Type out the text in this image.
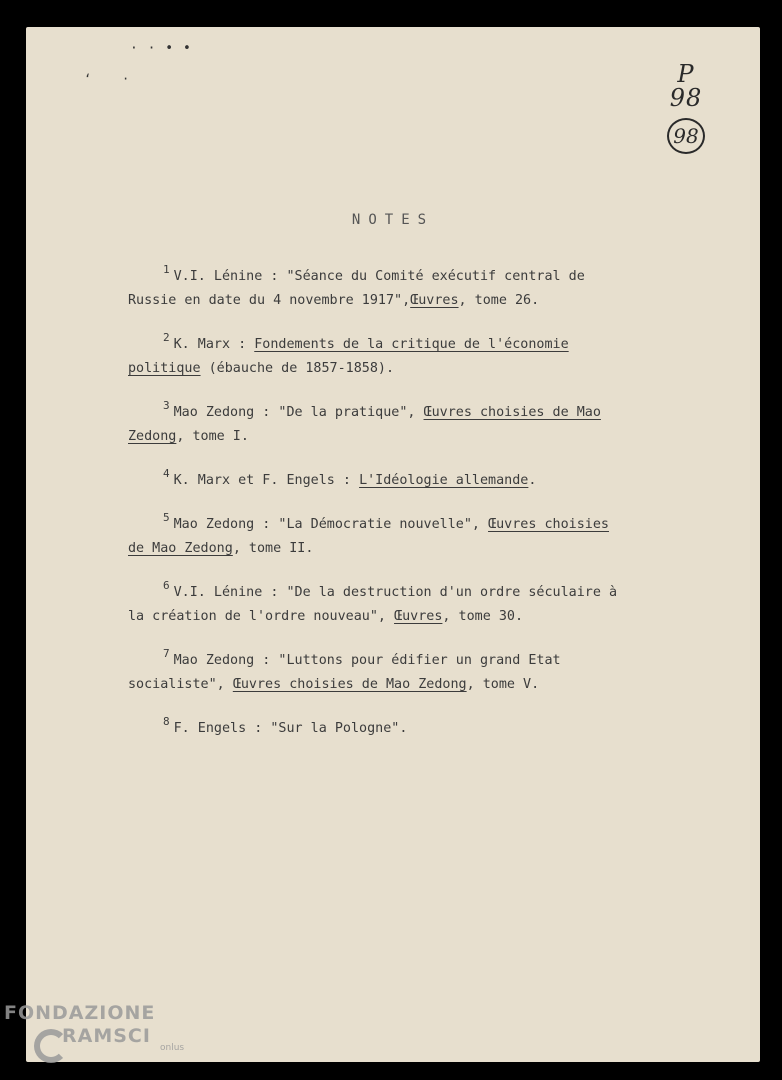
· · • •
‘	·	P 98
98
NOTES
$^1$ V.I. Lénine : "Séance du Comité exécutif central de Russie en date du 4 novembre 1917",Œuvres, tome 26.
$^2$ K. Marx : Fondements de la critique de l'économie politique (ébauche de 1857-1858).
$^3$ Mao Zedong : "De la pratique", Œuvres choisies de Mao Zedong, tome I.
$^4$ K. Marx et F. Engels : L'Idéologie allemande.
$^5$ Mao Zedong : "La Démocratie nouvelle", Œuvres choisies de Mao Zedong, tome II.
$^6$ V.I. Lénine : "De la destruction d'un ordre séculaire à la création de l'ordre nouveau", Œuvres, tome 30.
$^7$ Mao Zedong : "Luttons pour édifier un grand Etat socialiste", Œuvres choisies de Mao Zedong, tome V.
$^8$ F. Engels : "Sur la Pologne".
FONDAZIONE
RAMSCI
onlus
